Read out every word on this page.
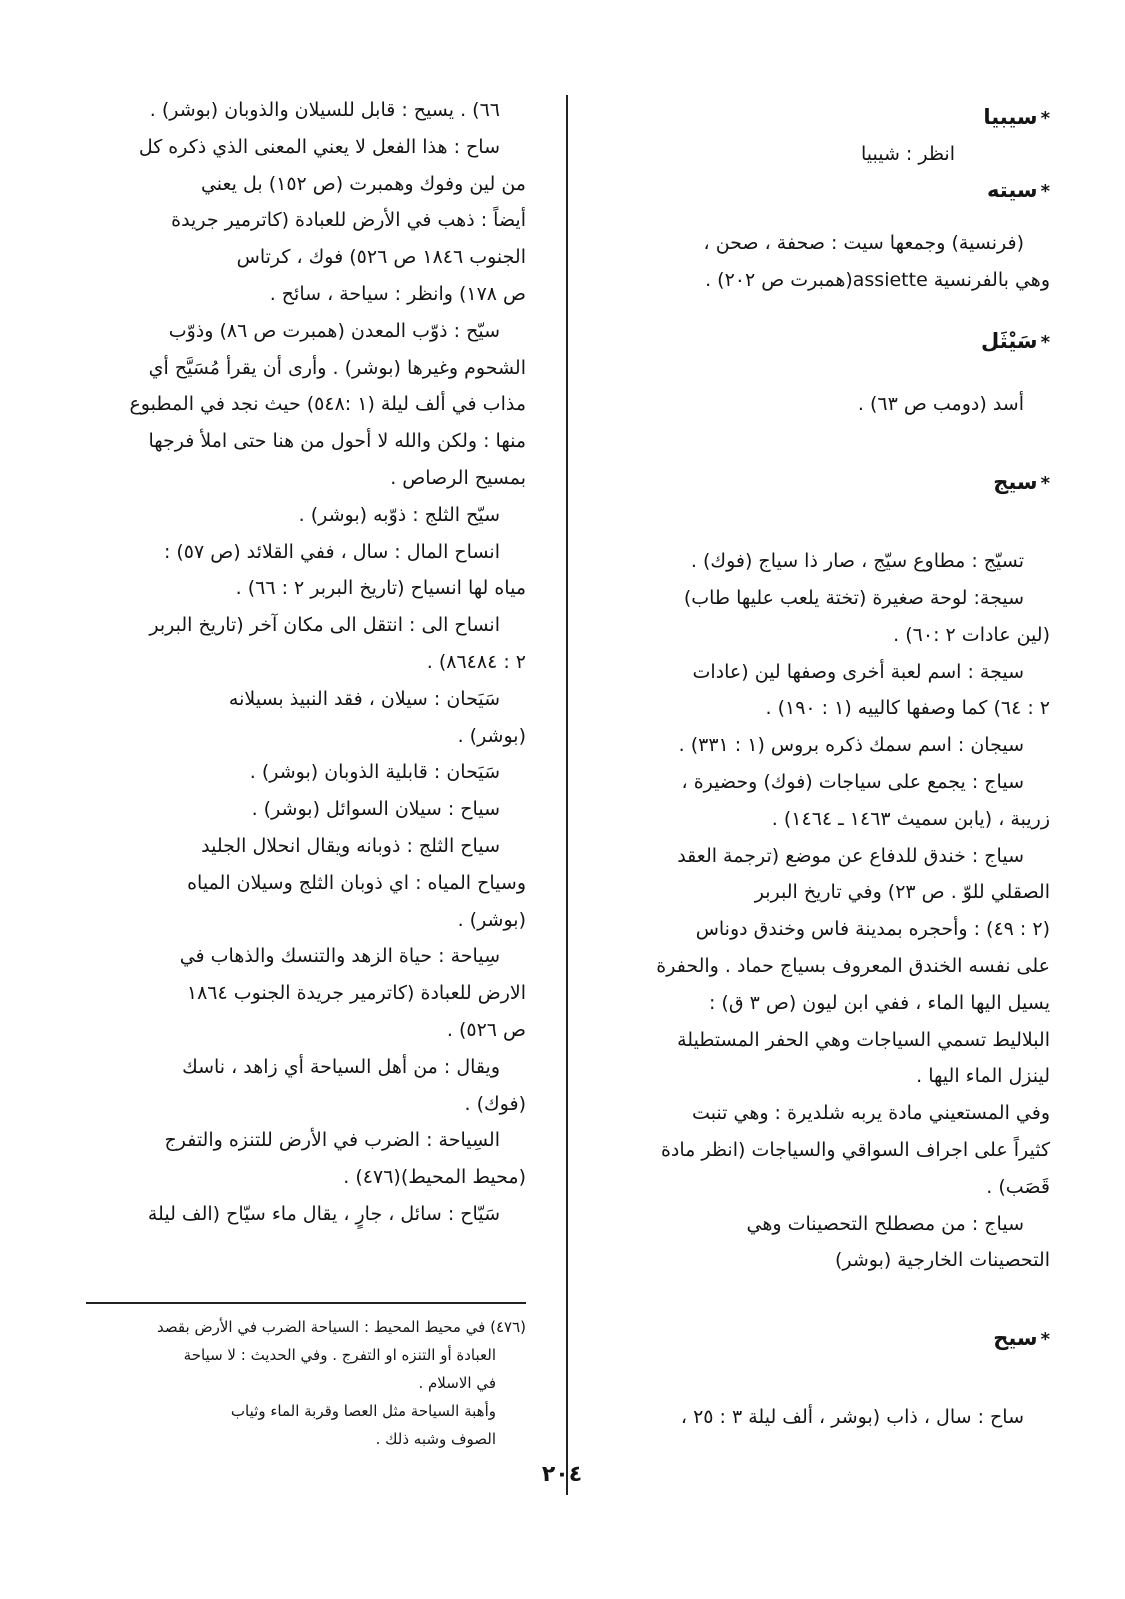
*سيبيا
انظر : شيبيا
*سيته
(فرنسية) وجمعها سيت : صحفة ، صحن ،
وهي بالفرنسية assiette(همبرت ص ٢٠٢) .
*سَيْثَل
أسد (دومب ص ٦٣) .
*سيج
تسيّج : مطاوع سيّج ، صار ذا سياج (فوك) .
سيجة: لوحة صغيرة (تختة يلعب عليها طاب)
(لين عادات ٢ :٦٠) .
سيجة : اسم لعبة أخرى وصفها لين (عادات
٢ : ٦٤) كما وصفها كالييه (١ : ١٩٠) .
سيجان : اسم سمك ذكره بروس (١ : ٣٣١) .
سياج : يجمع على سياجات (فوك) وحضيرة ،
زريبة ، (يابن سميث ١٤٦٣ ـ ١٤٦٤) .
سياج : خندق للدفاع عن موضع (ترجمة العقد
الصقلي للوّ . ص ٢٣) وفي تاريخ البربر
(٢ : ٤٩) : وأحجره بمدينة فاس وخندق دوناس
على نفسه الخندق المعروف بسياج حماد . والحفرة
يسيل اليها الماء ، ففي ابن ليون (ص ٣ ق) :
البلاليط تسمي السياجات وهي الحفر المستطيلة
لينزل الماء اليها .
وفي المستعيني مادة يربه شلديرة : وهي تنبت
كثيراً على اجراف السواقي والسياجات (انظر مادة
قَصَب) .
سياج : من مصطلح التحصينات وهي
التحصينات الخارجية (بوشر)
*سيح
ساح : سال ، ذاب (بوشر ، ألف ليلة ٣ : ٢٥ ،
٦٦) . يسيح : قابل للسيلان والذوبان (بوشر) .
ساح : هذا الفعل لا يعني المعنى الذي ذكره كل
من لين وفوك وهمبرت (ص ١٥٢) بل يعني
أيضاً : ذهب في الأرض للعبادة (كاترمير جريدة
الجنوب ١٨٤٦ ص ٥٢٦) فوك ، كرتاس
ص ١٧٨) وانظر : سياحة ، سائح .
سيّح : ذوّب المعدن (همبرت ص ٨٦) وذوّب
الشحوم وغيرها (بوشر) . وأرى أن يقرأ مُسَيَّح أي
مذاب في ألف ليلة (١ :٥٤٨) حيث نجد في المطبوع
منها : ولكن والله لا أحول من هنا حتى املأ فرجها
بمسيح الرصاص .
سيّح الثلج : ذوّبه (بوشر) .
انساح المال : سال ، ففي القلائد (ص ٥٧) :
مياه لها انسياح (تاريخ البربر ٢ : ٦٦) .
انساح الى : انتقل الى مكان آخر (تاريخ البربر
٢ : ٨٦٤٨٤) .
سَيَحان : سيلان ، فقد النبيذ بسيلانه
(بوشر) .
سَيَحان : قابلية الذوبان (بوشر) .
سياح : سيلان السوائل (بوشر) .
سياح الثلج : ذوبانه ويقال انحلال الجليد
وسياح المياه : اي ذوبان الثلج وسيلان المياه
(بوشر) .
سِياحة : حياة الزهد والتنسك والذهاب في
الارض للعبادة (كاترمير جريدة الجنوب ١٨٦٤
ص ٥٢٦) .
ويقال : من أهل السياحة أي زاهد ، ناسك
(فوك) .
السِياحة : الضرب في الأرض للتنزه والتفرج
(محيط المحيط)(٤٧٦) .
سَيّاح : سائل ، جارٍ ، يقال ماء سيّاح (الف ليلة
(٤٧٦) في محيط المحيط : السياحة الضرب في الأرض بقصد
العبادة أو التنزه او التفرج . وفي الحديث : لا سياحة
في الاسلام .
وأهبة السياحة مثل العصا وقربة الماء وثياب
الصوف وشبه ذلك .
٢٠٤
